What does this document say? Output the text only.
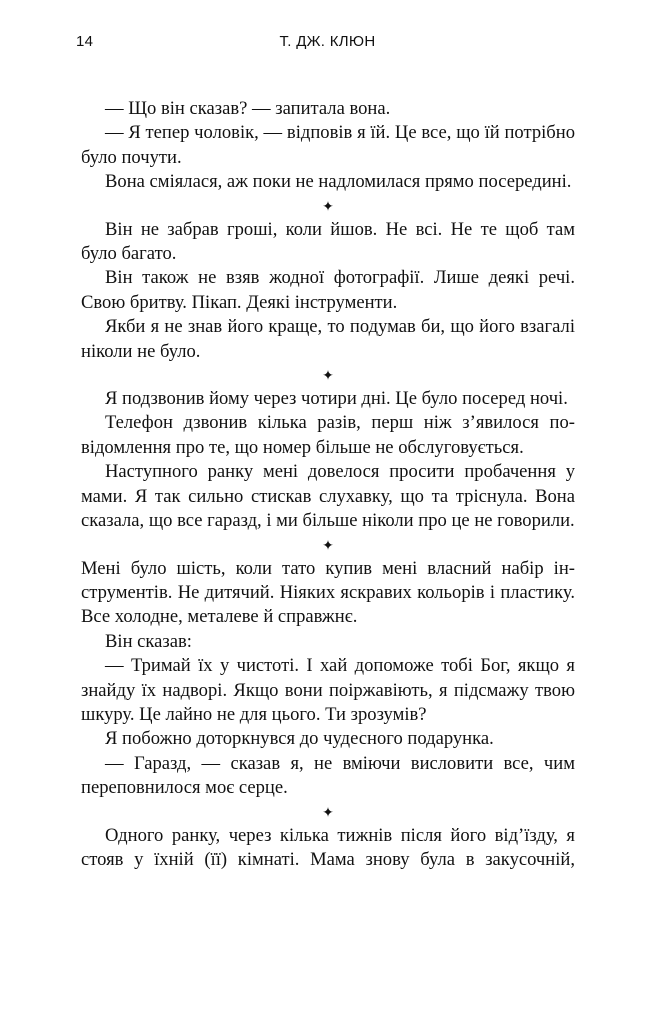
14	Т. ДЖ. КЛЮН

— Що він сказав? — запитала вона.

— Я тепер чоловік, — відповів я їй. Це все, що їй потрібно було почути.

Вона сміялася, аж поки не надломилася прямо посередині.

✦

Він не забрав гроші, коли йшов. Не всі. Не те щоб там було багато.

Він також не взяв жодної фотографії. Лише деякі речі. Свою бритву. Пікап. Деякі інструменти.

Якби я не знав його краще, то подумав би, що його взагалі ніколи не було.

✦

Я подзвонив йому через чотири дні. Це було посеред ночі.

Телефон дзвонив кілька разів, перш ніж з’явилося повідомлення про те, що номер більше не обслуговується.

Наступного ранку мені довелося просити пробачення у мами. Я так сильно стискав слухавку, що та тріснула. Вона сказала, що все гаразд, і ми більше ніколи про це не говорили.

✦

Мені було шість, коли тато купив мені власний набір інструментів. Не дитячий. Ніяких яскравих кольорів і пластику. Все холодне, металеве й справжнє.

Він сказав:

— Тримай їх у чистоті. І хай допоможе тобі Бог, якщо я знайду їх надворі. Якщо вони поіржавіють, я підсмажу твою шкуру. Це лайно не для цього. Ти зрозумів?

Я побожно доторкнувся до чудесного подарунка.

— Гаразд, — сказав я, не вміючи висловити все, чим переповнилося моє серце.

✦

Одного ранку, через кілька тижнів після його від’їзду, я стояв у їхній (її) кімнаті. Мама знову була в закусочній,
